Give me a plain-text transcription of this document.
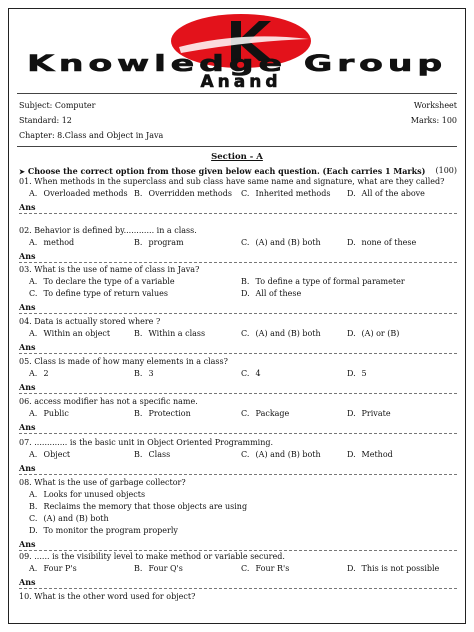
Knowledge Group
Anand
Subject: Computer
Standard: 12
Chapter: 8.Class and Object in Java
Worksheet
Marks: 100
Section - A
➤ Choose the correct option from those given below each question. (Each carries 1 Marks) (100)
01. When methods in the superclass and sub class have same name and signature, what are they called?
A. Overloaded methods B. Overridden methods C. Inherited methods D. All of the above
Ans
02. Behavior is defined by............ in a class.
A. method	B. program	C. (A) and (B) both	D. none of these
Ans
03. What is the use of name of class in Java?
A. To declare the type of a variable	B. To define a type of formal parameter
C. To define type of return values	D. All of these
Ans
04. Data is actually stored where ?
A. Within an object	B. Within a class	C. (A) and (B) both	D. (A) or (B)
Ans
05. Class is made of how many elements in a class?
A. 2	B. 3	C. 4	D. 5
Ans
06. access modifier has not a specific name.
A. Public	B. Protection	C. Package	D. Private
Ans
07. ............. is the basic unit in Object Oriented Programming.
A. Object	B. Class	C. (A) and (B) both	D. Method
Ans
08. What is the use of garbage collector?
A. Looks for unused objects
B. Reclaims the memory that those objects are using
C. (A) and (B) both
D. To monitor the program properly
Ans
09. ...... is the visibility level to make method or variable secured.
A. Four P's	B. Four Q's	C. Four R's	D. This is not possible
Ans
10. What is the other word used for object?
